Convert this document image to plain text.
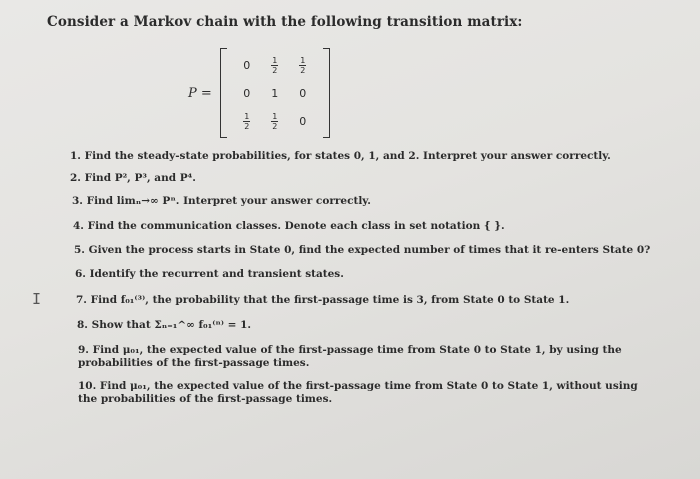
Consider a Markov chain with the following transition matrix:
P =
0	1
2
1
2
0 1 0
1
2
1
2 0
1. Find the steady-state probabilities, for states 0, 1, and 2. Interpret your answer correctly.
2. Find P², P³, and P⁴.
3. Find limₙ→∞ Pⁿ. Interpret your answer correctly.
4. Find the communication classes. Denote each class in set notation { }.
5. Given the process starts in State 0, find the expected number of times that it re-enters State 0?
6. Identify the recurrent and transient states.
7. Find f₀₁⁽³⁾, the probability that the first-passage time is 3, from State 0 to State 1.
8. Show that Σₙ₌₁^∞ f₀₁⁽ⁿ⁾ = 1.
9. Find μ₀₁, the expected value of the first-passage time from State 0 to State 1, by using the probabilities of the first-passage times.
10. Find μ₀₁, the expected value of the first-passage time from State 0 to State 1, without using the probabilities of the first-passage times.
I
